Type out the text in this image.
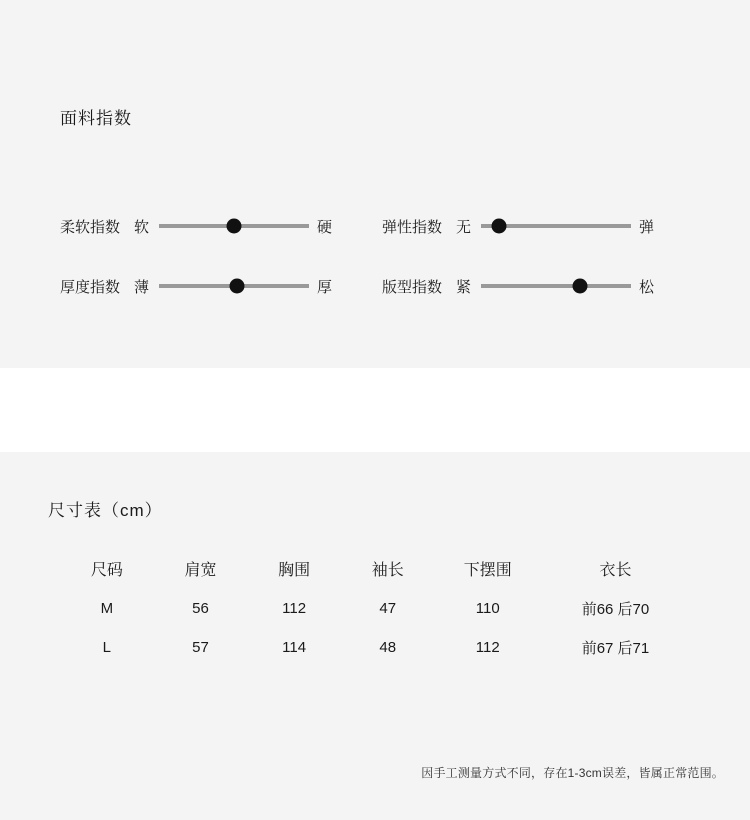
面料指数
柔软指数 软	硬	弹性指数 无	弹
厚度指数 薄	厚	版型指数 紧	松
尺寸表（cm）
尺码	肩宽	胸围	袖长	下摆围	衣长
M	56	112	47	110	前66 后70
L	57	114	48	112	前67 后71
因手工测量方式不同，存在1-3cm误差，皆属正常范围。
